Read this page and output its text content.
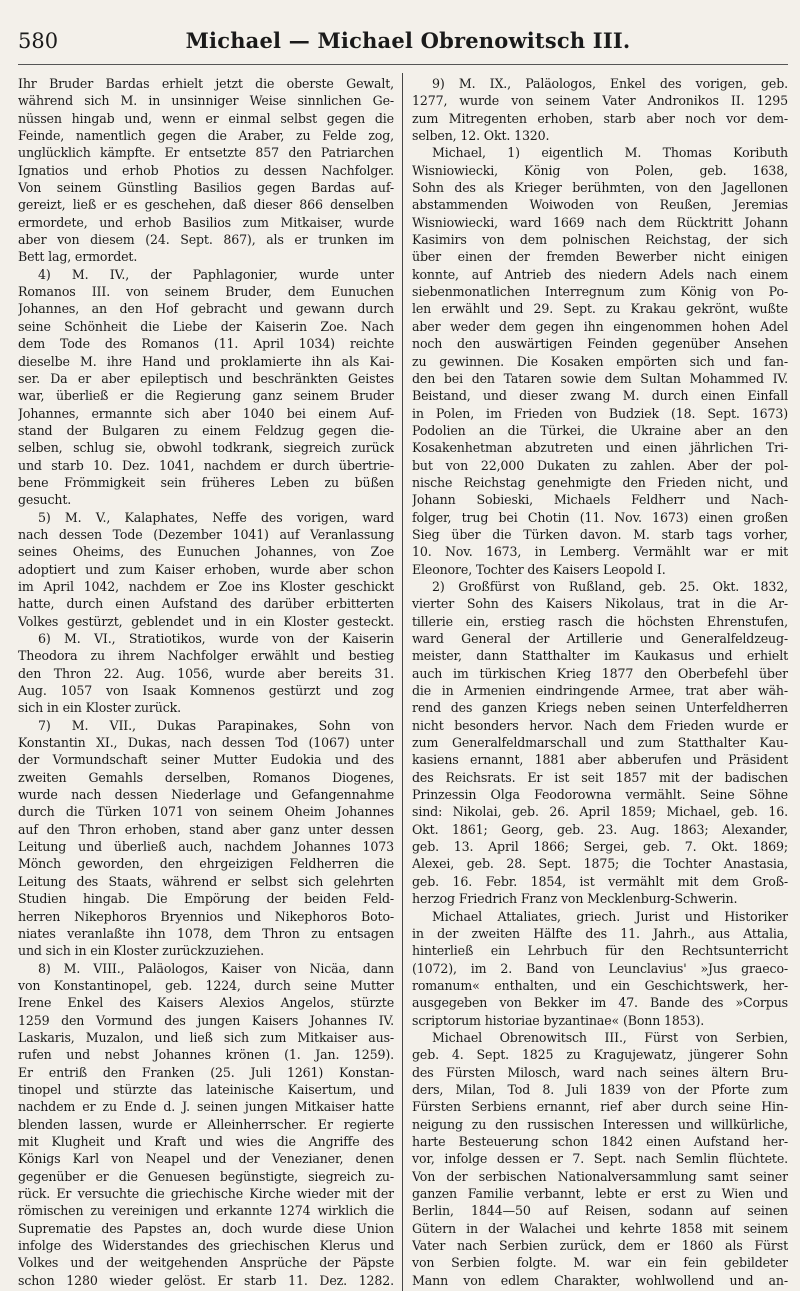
580	Michael — Michael Obrenowitsch III.
Ihr Bruder Bardas erhielt jetzt die oberste Gewalt,
während sich M. in unsinniger Weise sinnlichen Ge-
nüssen hingab und, wenn er einmal selbst gegen die
Feinde, namentlich gegen die Araber, zu Felde zog,
unglücklich kämpfte. Er entsetzte 857 den Patriarchen
Ignatios und erhob Photios zu dessen Nachfolger.
Von seinem Günstling Basilios gegen Bardas auf-
gereizt, ließ er es geschehen, daß dieser 866 denselben
ermordete, und erhob Basilios zum Mitkaiser, wurde
aber von diesem (24. Sept. 867), als er trunken im
Bett lag, ermordet.
4) M. IV., der Paphlagonier, wurde unter
Romanos III. von seinem Bruder, dem Eunuchen
Johannes, an den Hof gebracht und gewann durch
seine Schönheit die Liebe der Kaiserin Zoe. Nach
dem Tode des Romanos (11. April 1034) reichte
dieselbe M. ihre Hand und proklamierte ihn als Kai-
ser. Da er aber epileptisch und beschränkten Geistes
war, überließ er die Regierung ganz seinem Bruder
Johannes, ermannte sich aber 1040 bei einem Auf-
stand der Bulgaren zu einem Feldzug gegen die-
selben, schlug sie, obwohl todkrank, siegreich zurück
und starb 10. Dez. 1041, nachdem er durch übertrie-
bene Frömmigkeit sein früheres Leben zu büßen
gesucht.
5) M. V., Kalaphates, Neffe des vorigen, ward
nach dessen Tode (Dezember 1041) auf Veranlassung
seines Oheims, des Eunuchen Johannes, von Zoe
adoptiert und zum Kaiser erhoben, wurde aber schon
im April 1042, nachdem er Zoe ins Kloster geschickt
hatte, durch einen Aufstand des darüber erbitterten
Volkes gestürzt, geblendet und in ein Kloster gesteckt.
6) M. VI., Stratiotikos, wurde von der Kaiserin
Theodora zu ihrem Nachfolger erwählt und bestieg
den Thron 22. Aug. 1056, wurde aber bereits 31.
Aug. 1057 von Isaak Komnenos gestürzt und zog
sich in ein Kloster zurück.
7) M. VII., Dukas Parapinakes, Sohn von
Konstantin XI., Dukas, nach dessen Tod (1067) unter
der Vormundschaft seiner Mutter Eudokia und des
zweiten Gemahls derselben, Romanos Diogenes,
wurde nach dessen Niederlage und Gefangennahme
durch die Türken 1071 von seinem Oheim Johannes
auf den Thron erhoben, stand aber ganz unter dessen
Leitung und überließ auch, nachdem Johannes 1073
Mönch geworden, den ehrgeizigen Feldherren die
Leitung des Staats, während er selbst sich gelehrten
Studien hingab. Die Empörung der beiden Feld-
herren Nikephoros Bryennios und Nikephoros Boto-
niates veranlaßte ihn 1078, dem Thron zu entsagen
und sich in ein Kloster zurückzuziehen.
8) M. VIII., Paläologos, Kaiser von Nicäa, dann
von Konstantinopel, geb. 1224, durch seine Mutter
Irene Enkel des Kaisers Alexios Angelos, stürzte
1259 den Vormund des jungen Kaisers Johannes IV.
Laskaris, Muzalon, und ließ sich zum Mitkaiser aus-
rufen und nebst Johannes krönen (1. Jan. 1259).
Er entriß den Franken (25. Juli 1261) Konstan-
tinopel und stürzte das lateinische Kaisertum, und
nachdem er zu Ende d. J. seinen jungen Mitkaiser hatte
blenden lassen, wurde er Alleinherrscher. Er regierte
mit Klugheit und Kraft und wies die Angriffe des
Königs Karl von Neapel und der Venezianer, denen
gegenüber er die Genuesen begünstigte, siegreich zu-
rück. Er versuchte die griechische Kirche wieder mit der
römischen zu vereinigen und erkannte 1274 wirklich die
Suprematie des Papstes an, doch wurde diese Union
infolge des Widerstandes des griechischen Klerus und
Volkes und der weitgehenden Ansprüche der Päpste
schon 1280 wieder gelöst. Er starb 11. Dez. 1282.
9) M. IX., Paläologos, Enkel des vorigen, geb.
1277, wurde von seinem Vater Andronikos II. 1295
zum Mitregenten erhoben, starb aber noch vor dem-
selben, 12. Okt. 1320.
Michael, 1) eigentlich M. Thomas Koributh
Wisniowiecki, König von Polen, geb. 1638,
Sohn des als Krieger berühmten, von den Jagellonen
abstammenden Woiwoden von Reußen, Jeremias
Wisniowiecki, ward 1669 nach dem Rücktritt Johann
Kasimirs von dem polnischen Reichstag, der sich
über einen der fremden Bewerber nicht einigen
konnte, auf Antrieb des niedern Adels nach einem
siebenmonatlichen Interregnum zum König von Po-
len erwählt und 29. Sept. zu Krakau gekrönt, wußte
aber weder dem gegen ihn eingenommen hohen Adel
noch den auswärtigen Feinden gegenüber Ansehen
zu gewinnen. Die Kosaken empörten sich und fan-
den bei den Tataren sowie dem Sultan Mohammed IV.
Beistand, und dieser zwang M. durch einen Einfall
in Polen, im Frieden von Budziek (18. Sept. 1673)
Podolien an die Türkei, die Ukraine aber an den
Kosakenhetman abzutreten und einen jährlichen Tri-
but von 22,000 Dukaten zu zahlen. Aber der pol-
nische Reichstag genehmigte den Frieden nicht, und
Johann Sobieski, Michaels Feldherr und Nach-
folger, trug bei Chotin (11. Nov. 1673) einen großen
Sieg über die Türken davon. M. starb tags vorher,
10. Nov. 1673, in Lemberg. Vermählt war er mit
Eleonore, Tochter des Kaisers Leopold I.
2) Großfürst von Rußland, geb. 25. Okt. 1832,
vierter Sohn des Kaisers Nikolaus, trat in die Ar-
tillerie ein, erstieg rasch die höchsten Ehrenstufen,
ward General der Artillerie und Generalfeldzeug-
meister, dann Statthalter im Kaukasus und erhielt
auch im türkischen Krieg 1877 den Oberbefehl über
die in Armenien eindringende Armee, trat aber wäh-
rend des ganzen Kriegs neben seinen Unterfeldherren
nicht besonders hervor. Nach dem Frieden wurde er
zum Generalfeldmarschall und zum Statthalter Kau-
kasiens ernannt, 1881 aber abberufen und Präsident
des Reichsrats. Er ist seit 1857 mit der badischen
Prinzessin Olga Feodorowna vermählt. Seine Söhne
sind: Nikolai, geb. 26. April 1859; Michael, geb. 16.
Okt. 1861; Georg, geb. 23. Aug. 1863; Alexander,
geb. 13. April 1866; Sergei, geb. 7. Okt. 1869;
Alexei, geb. 28. Sept. 1875; die Tochter Anastasia,
geb. 16. Febr. 1854, ist vermählt mit dem Groß-
herzog Friedrich Franz von Mecklenburg-Schwerin.
Michael Attaliates, griech. Jurist und Historiker
in der zweiten Hälfte des 11. Jahrh., aus Attalia,
hinterließ ein Lehrbuch für den Rechtsunterricht
(1072), im 2. Band von Leunclavius' »Jus graeco-
romanum« enthalten, und ein Geschichtswerk, her-
ausgegeben von Bekker im 47. Bande des »Corpus
scriptorum historiae byzantinae« (Bonn 1853).
Michael Obrenowitsch III., Fürst von Serbien,
geb. 4. Sept. 1825 zu Kragujewatz, jüngerer Sohn
des Fürsten Milosch, ward nach seines ältern Bru-
ders, Milan, Tod 8. Juli 1839 von der Pforte zum
Fürsten Serbiens ernannt, rief aber durch seine Hin-
neigung zu den russischen Interessen und willkürliche,
harte Besteuerung schon 1842 einen Aufstand her-
vor, infolge dessen er 7. Sept. nach Semlin flüchtete.
Von der serbischen Nationalversammlung samt seiner
ganzen Familie verbannt, lebte er erst zu Wien und
Berlin, 1844—50 auf Reisen, sodann auf seinen
Gütern in der Walachei und kehrte 1858 mit seinem
Vater nach Serbien zurück, dem er 1860 als Fürst
von Serbien folgte. M. war ein fein gebildeter
Mann von edlem Charakter, wohlwollend und an-
